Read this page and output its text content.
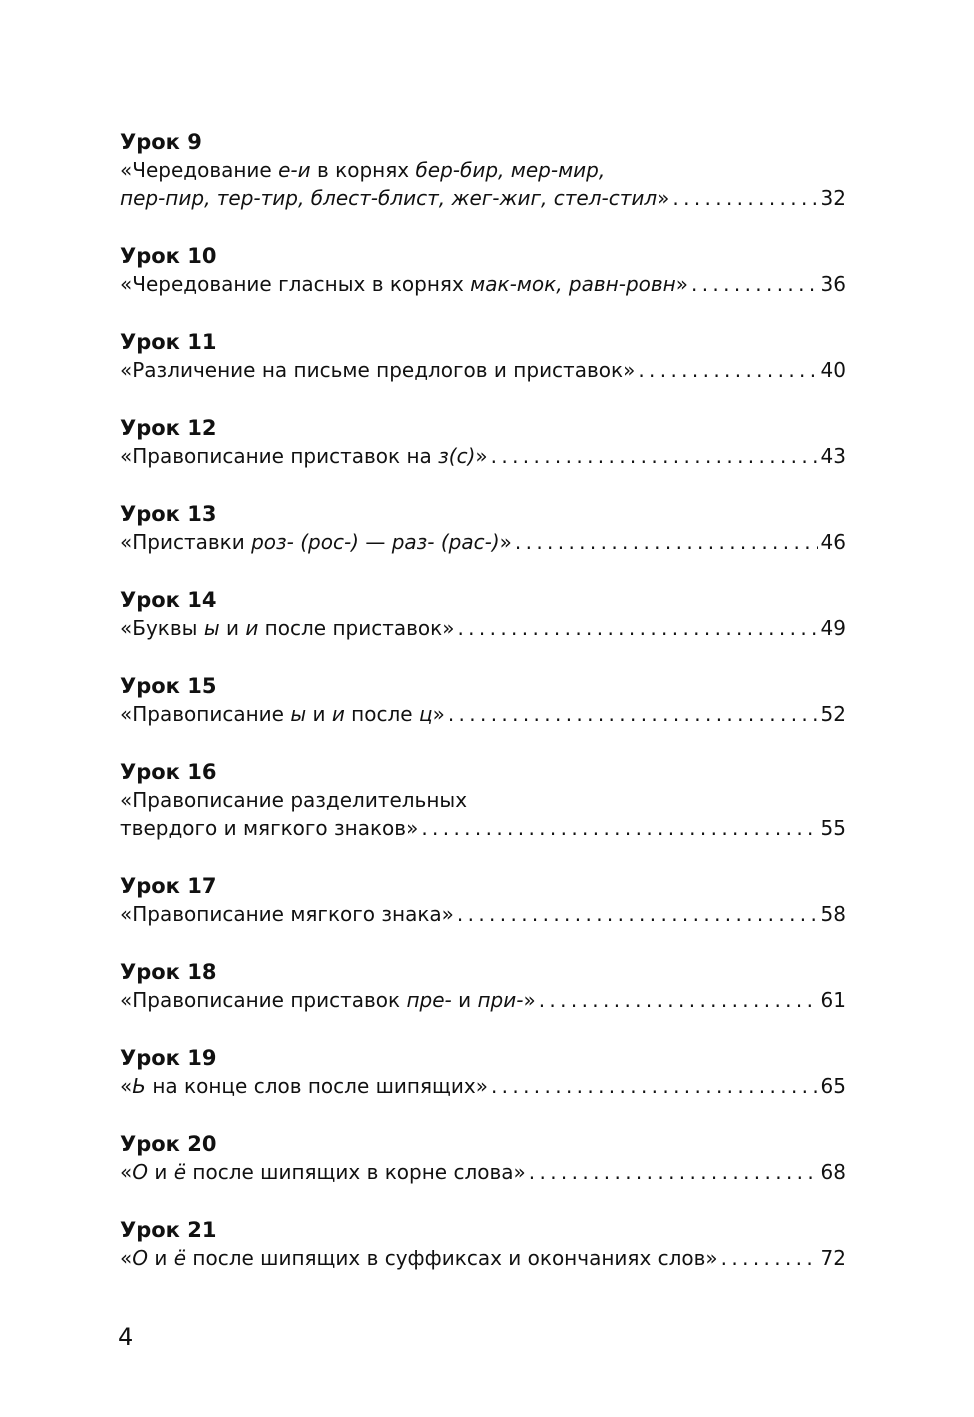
Урок 9
«Чередование е-и в корнях бер-бир, мер-мир,
пер-пир, тер-тир, блест-блист, жег-жиг, стел-стил» . . .	32
Урок 10
«Чередование гласных в корнях мак-мок, равн-ровн» . . .	36
Урок 11
«Различение на письме предлогов и приставок» . . .	40
Урок 12
«Правописание приставок на з(с)» . . .	43
Урок 13
«Приставки роз- (рос-) — раз- (рас-)» . . .	46
Урок 14
«Буквы ы и и после приставок» . . .	49
Урок 15
«Правописание ы и и после ц» . . .	52
Урок 16
«Правописание разделительных
твердого и мягкого знаков» . . .	55
Урок 17
«Правописание мягкого знака» . . .	58
Урок 18
«Правописание приставок пре- и при-» . . .	61
Урок 19
«Ь на конце слов после шипящих» . . .	65
Урок 20
«О и ё после шипящих в корне слова» . . .	68
Урок 21
«О и ё после шипящих в суффиксах и окончаниях слов» . . .	72
4
